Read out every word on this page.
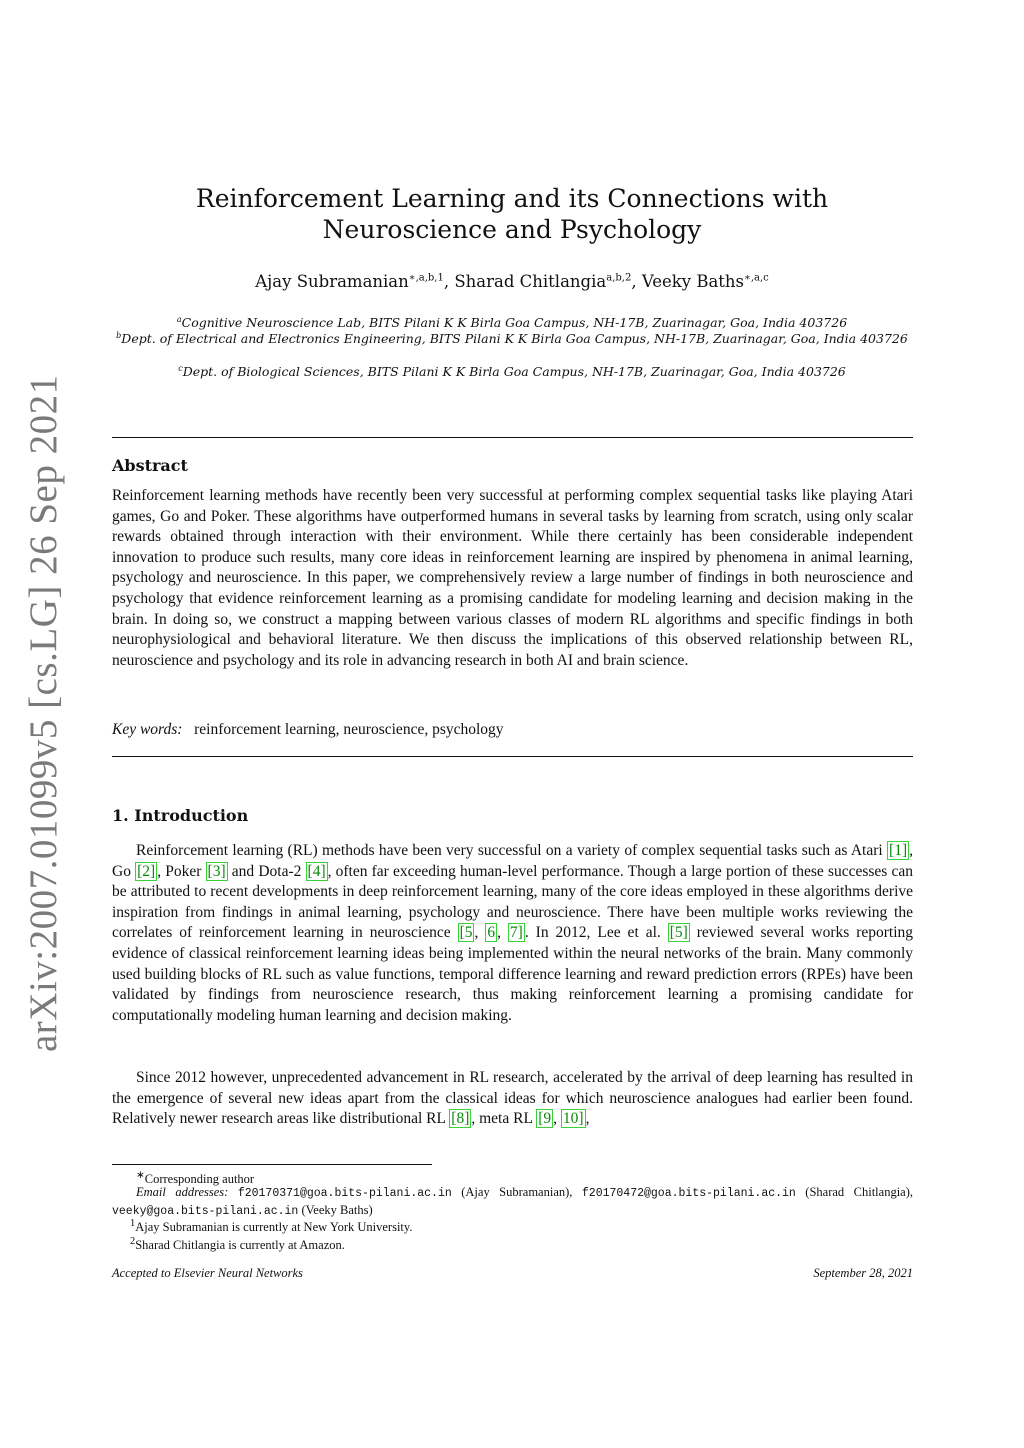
arXiv:2007.01099v5 [cs.LG] 26 Sep 2021
Reinforcement Learning and its Connections with Neuroscience and Psychology
Ajay Subramanian$^{∗,a,b,1}$, Sharad Chitlangia$^{a,b,2}$, Veeky Baths$^{∗,a,c}$
$^a$Cognitive Neuroscience Lab, BITS Pilani K K Birla Goa Campus, NH-17B, Zuarinagar, Goa, India 403726
$^b$Dept. of Electrical and Electronics Engineering, BITS Pilani K K Birla Goa Campus, NH-17B, Zuarinagar, Goa, India 403726
$^c$Dept. of Biological Sciences, BITS Pilani K K Birla Goa Campus, NH-17B, Zuarinagar, Goa, India 403726
Abstract
Reinforcement learning methods have recently been very successful at performing complex sequential tasks like playing Atari games, Go and Poker. These algorithms have outperformed humans in several tasks by learning from scratch, using only scalar rewards obtained through interaction with their environment. While there certainly has been considerable independent innovation to produce such results, many core ideas in reinforcement learning are inspired by phenomena in animal learning, psychology and neuroscience. In this paper, we comprehensively review a large number of findings in both neuroscience and psychology that evidence reinforcement learning as a promising candidate for modeling learning and decision making in the brain. In doing so, we construct a mapping between various classes of modern RL algorithms and specific findings in both neurophysiological and behavioral literature. We then discuss the implications of this observed relationship between RL, neuroscience and psychology and its role in advancing research in both AI and brain science.
Key words: reinforcement learning, neuroscience, psychology
1. Introduction
Reinforcement learning (RL) methods have been very successful on a variety of complex sequential tasks such as Atari [1] , Go [2] , Poker [3] and Dota-2 [4] , often far exceeding human-level performance. Though a large portion of these successes can be attributed to recent developments in deep reinforcement learning, many of the core ideas employed in these algorithms derive inspiration from findings in animal learning, psychology and neuroscience. There have been multiple works reviewing the correlates of reinforcement learning in neuroscience [5 , 6 , 7] . In 2012, Lee et al. [5] reviewed several works reporting evidence of classical reinforcement learning ideas being implemented within the neural networks of the brain. Many commonly used building blocks of RL such as value functions, temporal difference learning and reward prediction errors (RPEs) have been validated by findings from neuroscience research, thus making reinforcement learning a promising candidate for computationally modeling human learning and decision making.
Since 2012 however, unprecedented advancement in RL research, accelerated by the arrival of deep learning has resulted in the emergence of several new ideas apart from the classical ideas for which neuroscience analogues had earlier been found. Relatively newer research areas like distributional RL [8] , meta RL [9 , 10] ,
∗Corresponding author
Email addresses: f20170371@goa.bits-pilani.ac.in (Ajay Subramanian), f20170472@goa.bits-pilani.ac.in (Sharad Chitlangia), veeky@goa.bits-pilani.ac.in (Veeky Baths)
$^1$Ajay Subramanian is currently at New York University.
$^2$Sharad Chitlangia is currently at Amazon.
Accepted to Elsevier Neural Networks	September 28, 2021
